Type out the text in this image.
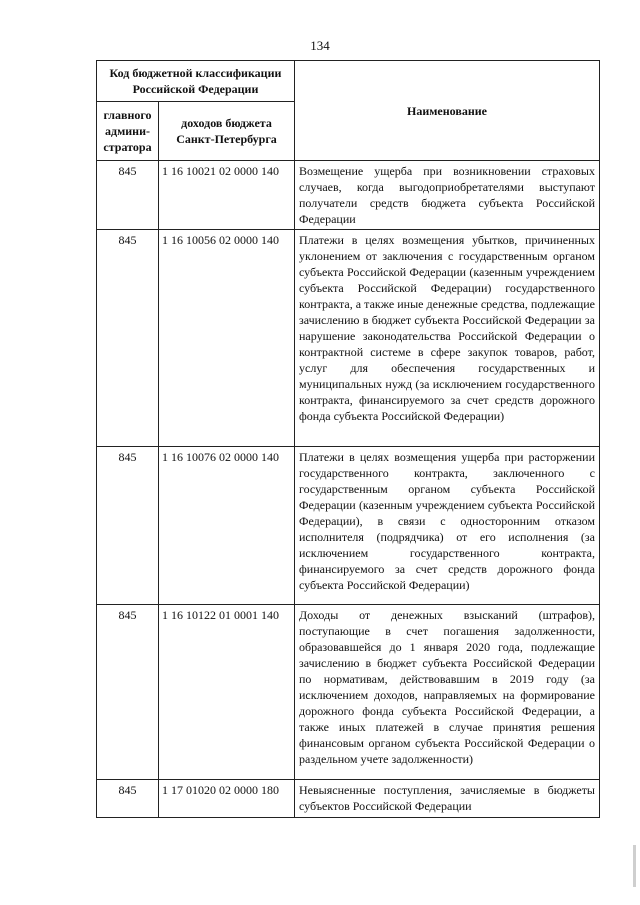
134
Код бюджетной классификации Российской Федерации		Наименование
главного админи-стратора	доходов бюджета Санкт-Петербурга	
845	1 16 10021 02 0000 140	Возмещение ущерба при возникновении страховых случаев, когда выгодоприобретателями выступают получатели средств бюджета субъекта Российской Федерации
845	1 16 10056 02 0000 140	Платежи в целях возмещения убытков, причиненных уклонением от заключения с государственным органом субъекта Российской Федерации (казенным учреждением субъекта Российской Федерации) государственного контракта, а также иные денежные средства, подлежащие зачислению в бюджет субъекта Российской Федерации за нарушение законодательства Российской Федерации о контрактной системе в сфере закупок товаров, работ, услуг для обеспечения государственных и муниципальных нужд (за исключением государственного контракта, финансируемого за счет средств дорожного фонда субъекта Российской Федерации)
845	1 16 10076 02 0000 140	Платежи в целях возмещения ущерба при расторжении государственного контракта, заключенного с государственным органом субъекта Российской Федерации (казенным учреждением субъекта Российской Федерации), в связи с односторонним отказом исполнителя (подрядчика) от его исполнения (за исключением государственного контракта, финансируемого за счет средств дорожного фонда субъекта Российской Федерации)
845	1 16 10122 01 0001 140	Доходы от денежных взысканий (штрафов), поступающие в счет погашения задолженности, образовавшейся до 1 января 2020 года, подлежащие зачислению в бюджет субъекта Российской Федерации по нормативам, действовавшим в 2019 году (за исключением доходов, направляемых на формирование дорожного фонда субъекта Российской Федерации, а также иных платежей в случае принятия решения финансовым органом субъекта Российской Федерации о раздельном учете задолженности)
845	1 17 01020 02 0000 180	Невыясненные поступления, зачисляемые в бюджеты субъектов Российской Федерации
